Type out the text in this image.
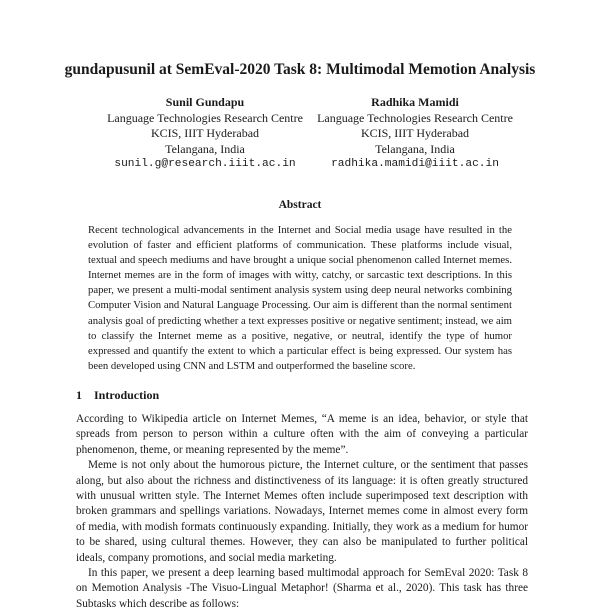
gundapusunil at SemEval-2020 Task 8: Multimodal Memotion Analysis
Sunil Gundapu
Language Technologies Research Centre
KCIS, IIIT Hyderabad
Telangana, India
sunil.g@research.iiit.ac.in
Radhika Mamidi
Language Technologies Research Centre
KCIS, IIIT Hyderabad
Telangana, India
radhika.mamidi@iiit.ac.in
Abstract

Recent technological advancements in the Internet and Social media usage have resulted in the evolution of faster and efficient platforms of communication. These platforms include visual, textual and speech mediums and have brought a unique social phenomenon called Internet memes. Internet memes are in the form of images with witty, catchy, or sarcastic text descriptions. In this paper, we present a multi-modal sentiment analysis system using deep neural networks combining Computer Vision and Natural Language Processing. Our aim is different than the normal sentiment analysis goal of predicting whether a text expresses positive or negative sentiment; instead, we aim to classify the Internet meme as a positive, negative, or neutral, identify the type of humor expressed and quantify the extent to which a particular effect is being expressed. Our system has been developed using CNN and LSTM and outperformed the baseline score.

1 Introduction

According to Wikipedia article on Internet Memes, “A meme is an idea, behavior, or style that spreads from person to person within a culture often with the aim of conveying a particular phenomenon, theme, or meaning represented by the meme”.

Meme is not only about the humorous picture, the Internet culture, or the sentiment that passes along, but also about the richness and distinctiveness of its language: it is often greatly structured with unusual written style. The Internet Memes often include superimposed text description with broken grammars and spellings variations. Nowadays, Internet memes come in almost every form of media, with modish formats continuously expanding. Initially, they work as a medium for humor to be shared, using cultural themes. However, they can also be manipulated to further political ideals, company promotions, and social media marketing.

In this paper, we present a deep learning based multimodal approach for SemEval 2020: Task 8 on Memotion Analysis -The Visuo-Lingual Metaphor! (Sharma et al., 2020). This task has three Subtasks which describe as follows:
